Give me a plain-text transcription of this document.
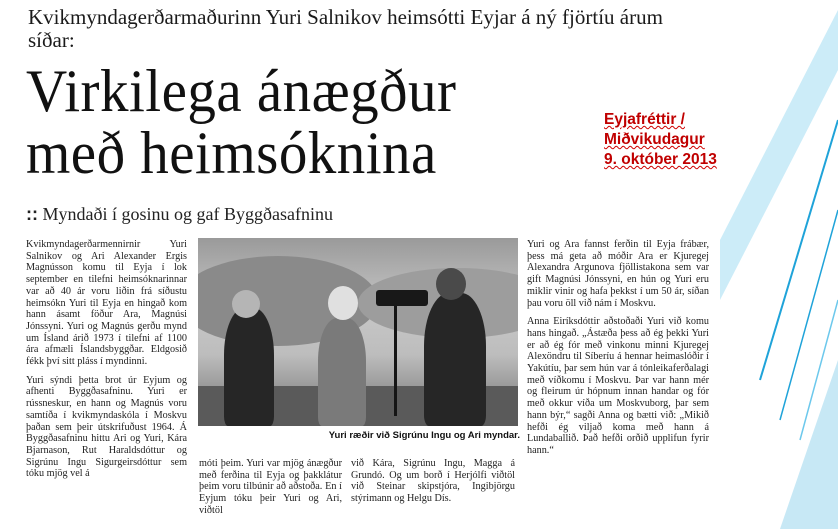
Kvikmyndagerðarmaðurinn Yuri Salnikov heimsótti Eyjar á ný fjörtíu árum síðar:
Virkilega ánægður
með heimsóknina
:: Myndaði í gosinu og gaf Byggðasafninu

Kvikmyndagerðarmennirnir Yuri Salnikov og Ari Alexander Ergis Magnússon komu til Eyja í lok september en tilefni heimsóknarinnar var að 40 ár voru liðin frá síðustu heimsókn Yuri til Eyja en hingað kom hann ásamt föður Ara, Magnúsi Jónssyni. Yuri og Magnús gerðu mynd um Ísland árið 1973 í tilefni af 1100 ára afmæli Íslandsbyggðar. Eldgosið fékk því sitt pláss í myndinni.

Yuri sýndi þetta brot úr Eyjum og afhenti Byggðasafninu. Yuri er rússneskur, en hann og Magnús voru samtíða í kvikmyndaskóla í Moskvu þaðan sem þeir útskrifuðust 1964. Á Byggðasafninu hittu Ari og Yuri, Kára Bjarnason, Rut Haraldsdóttur og Sigrúnu Ingu Sigurgeirsdóttur sem tóku mjög vel á

Yuri ræðir við Sigrúnu Ingu og Ari myndar.
móti þeim. Yuri var mjög ánægður með ferðina til Eyja og þakklátur þeim voru tilbúnir að aðstoða. En í Eyjum tóku þeir Yuri og Ari, viðtöl
við Kára, Sigrúnu Ingu, Magga á Grundó. Og um borð í Herjólfi viðtöl við Steinar skipstjóra, Ingibjörgu stýrimann og Helgu Dís.

Yuri og Ara fannst ferðin til Eyja frábær, þess má geta að móðir Ara er Kjuregej Alexandra Argunova fjöllistakona sem var gift Magnúsi Jónssyni, en hún og Yuri eru miklir vinir og hafa þekkst í um 50 ár, síðan þau voru öll við nám í Moskvu.

Anna Eiríksdóttir aðstoðaði Yuri við komu hans hingað. „Ástæða þess að ég þekki Yuri er að ég fór með vinkonu minni Kjuregej Alexöndru til Síberíu á hennar heimaslóðir í Yakútíu, þar sem hún var á tónleikaferðalagi með víðkomu í Moskvu. Þar var hann mér og fleirum úr hópnum innan handar og fór með okkur víða um Moskvuborg, þar sem hann býr,“ sagði Anna og bætti við: „Mikið hefði ég viljað koma með hann á Lundaballið. Það hefði orðið upplifun fyrir hann.“

Eyjafréttir / Miðvikudagur
9. október 2013
